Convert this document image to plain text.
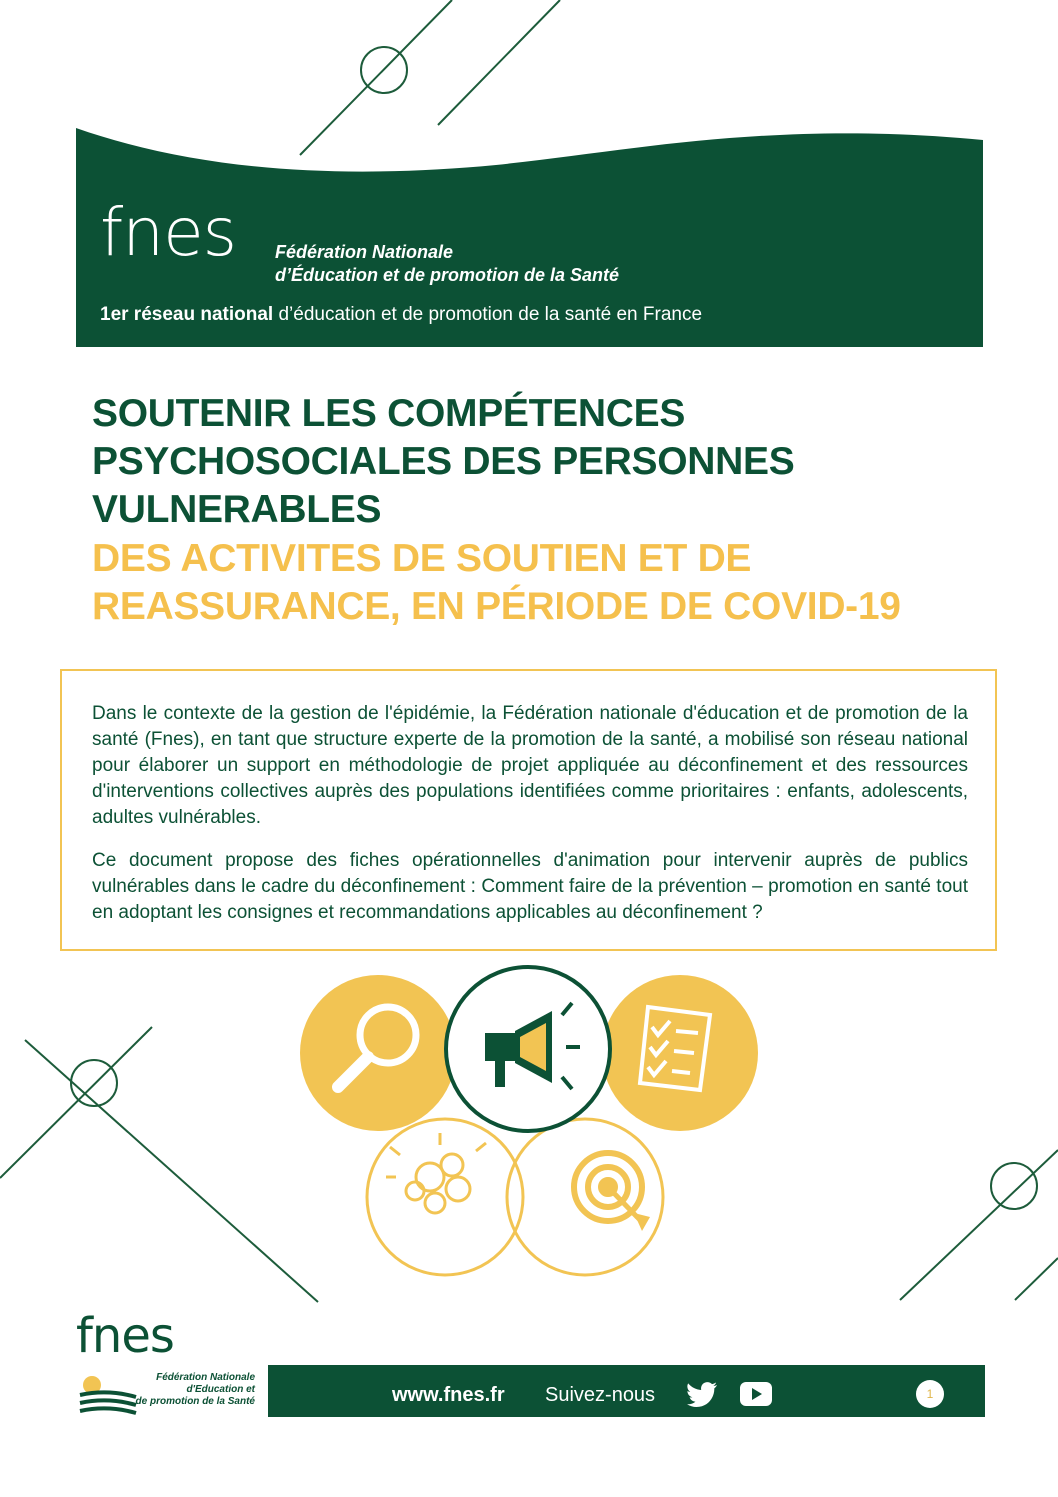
fnes Fédération Nationale
d’Éducation et de promotion de la Santé
1er réseau national d’éducation et de promotion de la santé en France
SOUTENIR LES COMPÉTENCES
PSYCHOSOCIALES DES PERSONNES
VULNERABLES
DES ACTIVITES DE SOUTIEN ET DE
REASSURANCE, EN PÉRIODE DE COVID-19

Dans le contexte de la gestion de l'épidémie, la Fédération nationale d'éducation et de promotion de la santé (Fnes), en tant que structure experte de la promotion de la santé, a mobilisé son réseau national pour élaborer un support en méthodologie de projet appliquée au déconfinement et des ressources d'interventions collectives auprès des populations identifiées comme prioritaires : enfants, adolescents, adultes vulnérables.

Ce document propose des fiches opérationnelles d'animation pour intervenir auprès de publics vulnérables dans le cadre du déconfinement : Comment faire de la prévention – promotion en santé tout en adoptant les consignes et recommandations applicables au déconfinement ?

fnes
Fédération Nationale
d'Education et
de promotion de la Santé	www.fnes.fr Suivez-nous	1
